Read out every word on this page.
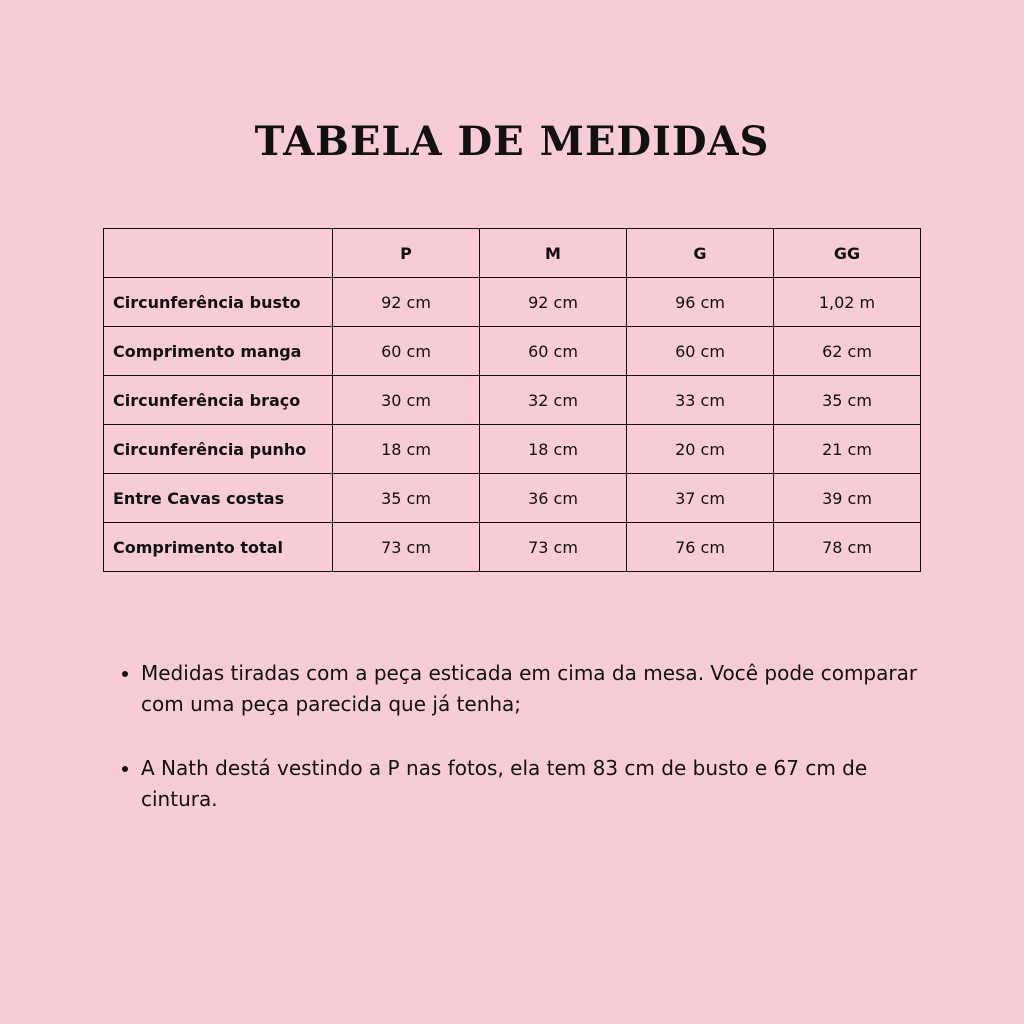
TABELA DE MEDIDAS
	P	M	G	GG
Circunferência busto	92 cm	92 cm	96 cm	1,02 m
Comprimento manga	60 cm	60 cm	60 cm	62 cm
Circunferência braço	30 cm	32 cm	33 cm	35 cm
Circunferência punho	18 cm	18 cm	20 cm	21 cm
Entre Cavas costas	35 cm	36 cm	37 cm	39 cm
Comprimento total	73 cm	73 cm	76 cm	78 cm
Medidas tiradas com a peça esticada em cima da mesa. Você pode comparar com uma peça parecida que já tenha;
A Nath destá vestindo a P nas fotos, ela tem 83 cm de busto e 67 cm de cintura.
